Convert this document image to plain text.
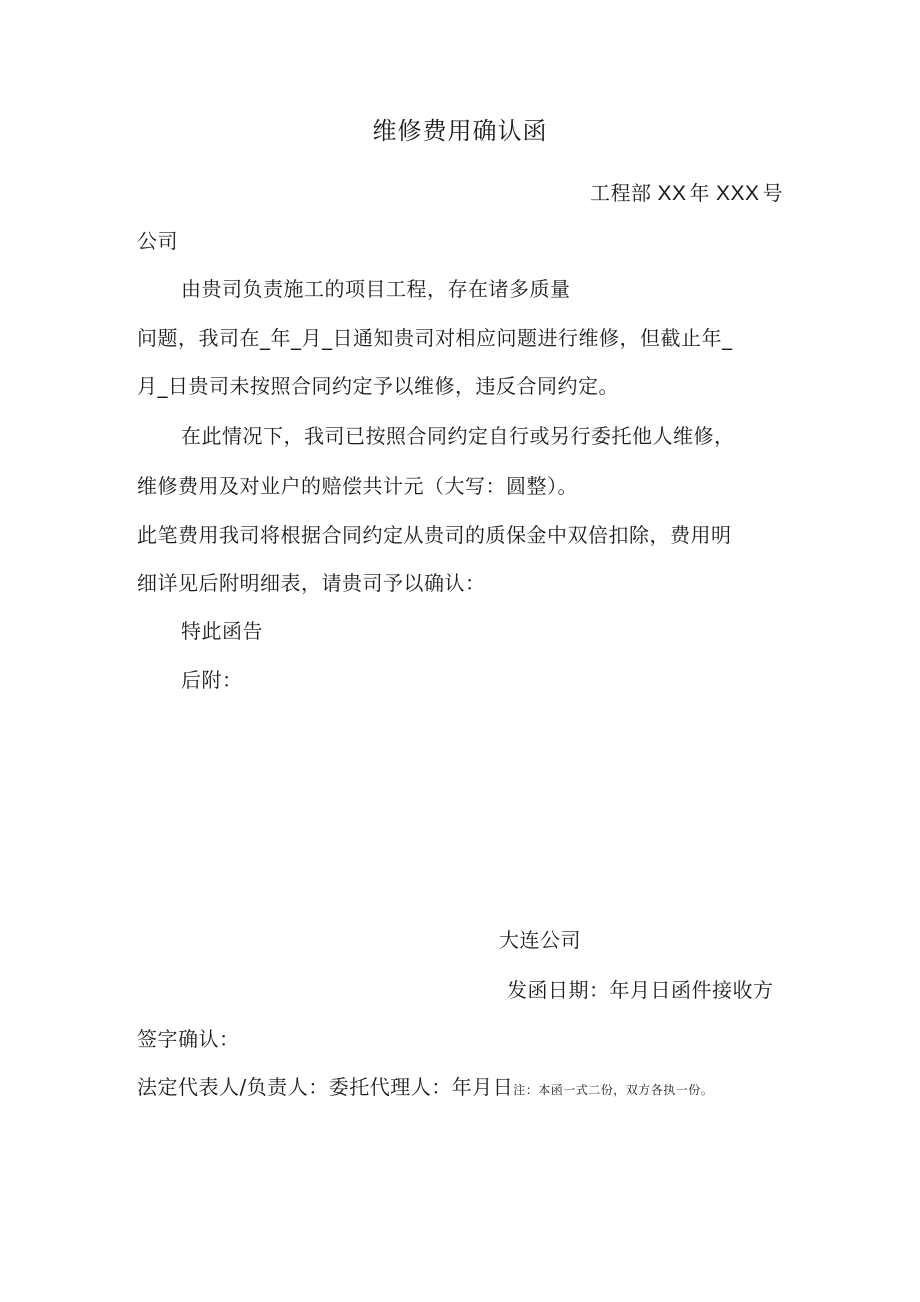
维修费用确认函
工程部 XX 年 XXX 号
公司
由贵司负责施工的项目工程，存在诸多质量
问题，我司在_年_月_日通知贵司对相应问题进行维修，但截止年_
月_日贵司未按照合同约定予以维修，违反合同约定。
在此情况下，我司已按照合同约定自行或另行委托他人维修，
维修费用及对业户的赔偿共计元（大写：圆整）。
此笔费用我司将根据合同约定从贵司的质保金中双倍扣除，费用明
细详见后附明细表，请贵司予以确认：
特此函告
后附：
大连公司
发函日期：年月日函件接收方
签字确认：
法定代表人/负责人：委托代理人：年月日注：本函一式二份，双方各执一份。
